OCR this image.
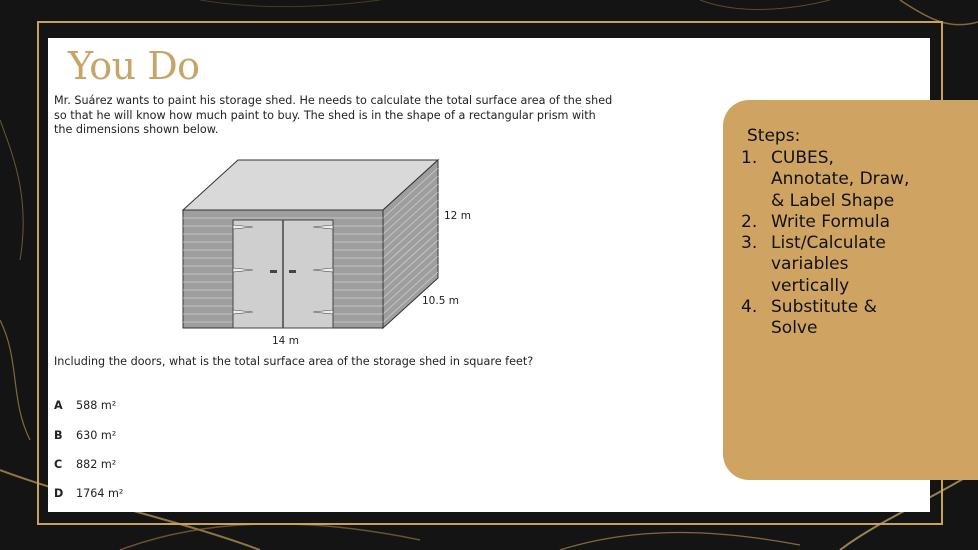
You Do
Mr. Suárez wants to paint his storage shed. He needs to calculate the total surface area of the shed so that he will know how much paint to buy. The shed is in the shape of a rectangular prism with the dimensions shown below.
12 m
10.5 m
14 m
Including the doors, what is the total surface area of the storage shed in square feet?
A 588 m²
B 630 m²
C 882 m²
D 1764 m²
Steps:
1. CUBES, Annotate, Draw, & Label Shape
2. Write Formula
3. List/Calculate variables vertically
4. Substitute & Solve
